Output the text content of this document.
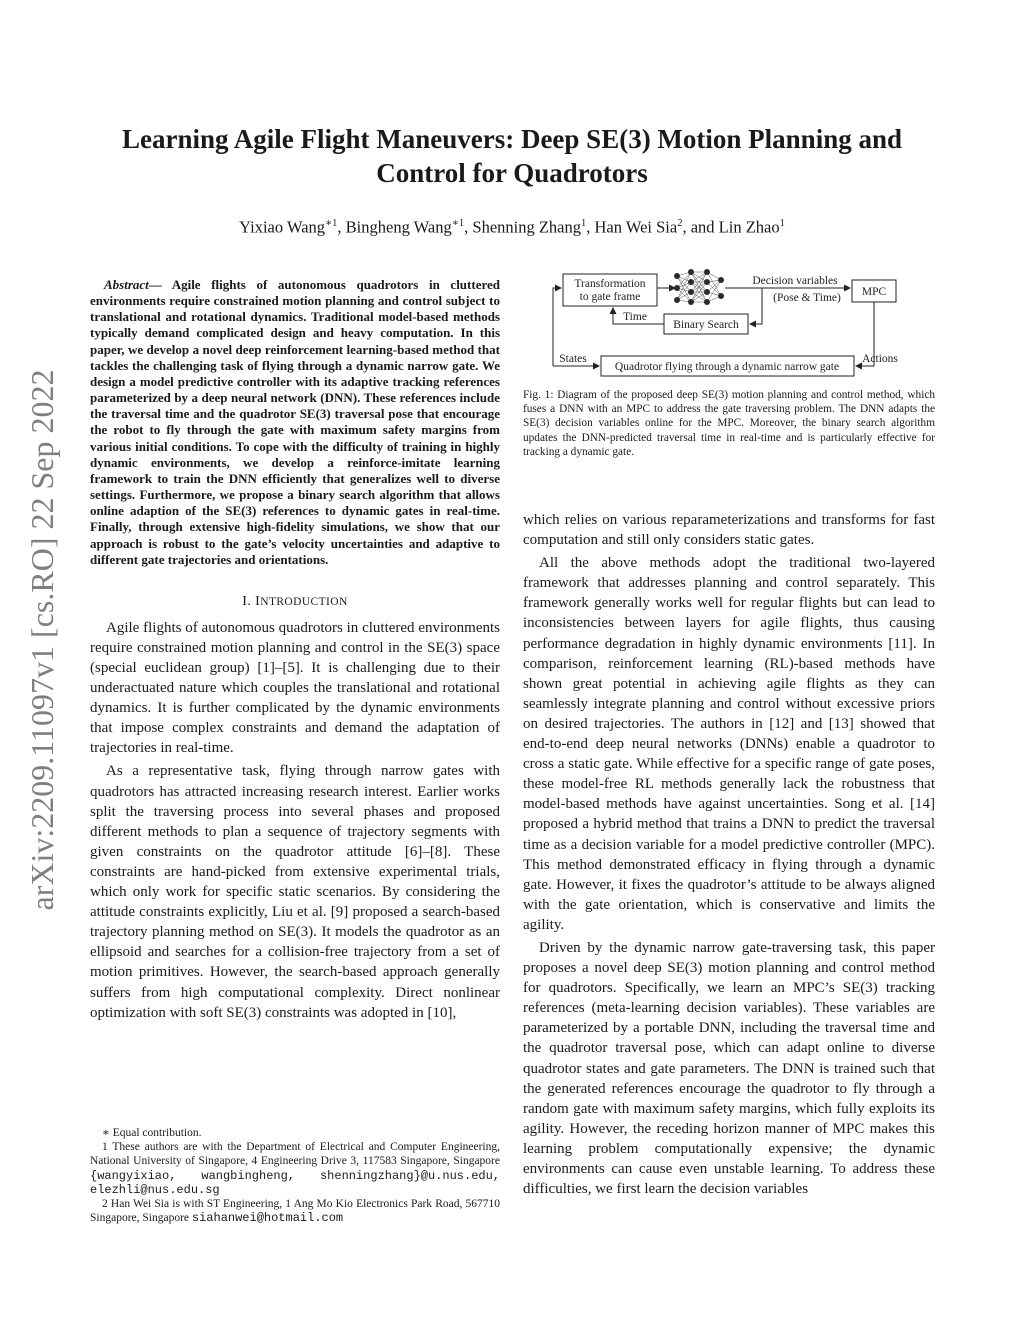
arXiv:2209.11097v1 [cs.RO] 22 Sep 2022
Learning Agile Flight Maneuvers: Deep SE(3) Motion Planning and Control for Quadrotors
Yixiao Wang$^{∗1}$, Bingheng Wang$^{∗1}$, Shenning Zhang$^1$, Han Wei Sia$^2$, and Lin Zhao$^1$

Abstract— Agile flights of autonomous quadrotors in cluttered environments require constrained motion planning and control subject to translational and rotational dynamics. Traditional model-based methods typically demand complicated design and heavy computation. In this paper, we develop a novel deep reinforcement learning-based method that tackles the challenging task of flying through a dynamic narrow gate. We design a model predictive controller with its adaptive tracking references parameterized by a deep neural network (DNN). These references include the traversal time and the quadrotor SE(3) traversal pose that encourage the robot to fly through the gate with maximum safety margins from various initial conditions. To cope with the difficulty of training in highly dynamic environments, we develop a reinforce-imitate learning framework to train the DNN efficiently that generalizes well to diverse settings. Furthermore, we propose a binary search algorithm that allows online adaption of the SE(3) references to dynamic gates in real-time. Finally, through extensive high-fidelity simulations, we show that our approach is robust to the gate’s velocity uncertainties and adaptive to different gate trajectories and orientations.

I. INTRODUCTION

Agile flights of autonomous quadrotors in cluttered environments require constrained motion planning and control in the SE(3) space (special euclidean group) [1]–[5]. It is challenging due to their underactuated nature which couples the translational and rotational dynamics. It is further complicated by the dynamic environments that impose complex constraints and demand the adaptation of trajectories in real-time.

As a representative task, flying through narrow gates with quadrotors has attracted increasing research interest. Earlier works split the traversing process into several phases and proposed different methods to plan a sequence of trajectory segments with given constraints on the quadrotor attitude [6]–[8]. These constraints are hand-picked from extensive experimental trials, which only work for specific static scenarios. By considering the attitude constraints explicitly, Liu et al. [9] proposed a search-based trajectory planning method on SE(3). It models the quadrotor as an ellipsoid and searches for a collision-free trajectory from a set of motion primitives. However, the search-based approach generally suffers from high computational complexity. Direct nonlinear optimization with soft SE(3) constraints was adopted in [10],

∗ Equal contribution.

1 These authors are with the Department of Electrical and Computer Engineering, National University of Singapore, 4 Engineering Drive 3, 117583 Singapore, Singapore {wangyixiao, wangbingheng, shenningzhang}@u.nus.edu, elezhli@nus.edu.sg

2 Han Wei Sia is with ST Engineering, 1 Ang Mo Kio Electronics Park Road, 567710 Singapore, Singapore siahanwei@hotmail.com

Transformation
to gate frame
Time
Binary Search
Decision variables
(Pose & Time) MPC
States
Quadrotor flying through a dynamic narrow gate
Actions
Fig. 1: Diagram of the proposed deep SE(3) motion planning and control method, which fuses a DNN with an MPC to address the gate traversing problem. The DNN adapts the SE(3) decision variables online for the MPC. Moreover, the binary search algorithm updates the DNN-predicted traversal time in real-time and is particularly effective for tracking a dynamic gate.

which relies on various reparameterizations and transforms for fast computation and still only considers static gates.

All the above methods adopt the traditional two-layered framework that addresses planning and control separately. This framework generally works well for regular flights but can lead to inconsistencies between layers for agile flights, thus causing performance degradation in highly dynamic environments [11]. In comparison, reinforcement learning (RL)-based methods have shown great potential in achieving agile flights as they can seamlessly integrate planning and control without excessive priors on desired trajectories. The authors in [12] and [13] showed that end-to-end deep neural networks (DNNs) enable a quadrotor to cross a static gate. While effective for a specific range of gate poses, these model-free RL methods generally lack the robustness that model-based methods have against uncertainties. Song et al. [14] proposed a hybrid method that trains a DNN to predict the traversal time as a decision variable for a model predictive controller (MPC). This method demonstrated efficacy in flying through a dynamic gate. However, it fixes the quadrotor’s attitude to be always aligned with the gate orientation, which is conservative and limits the agility.

Driven by the dynamic narrow gate-traversing task, this paper proposes a novel deep SE(3) motion planning and control method for quadrotors. Specifically, we learn an MPC’s SE(3) tracking references (meta-learning decision variables). These variables are parameterized by a portable DNN, including the traversal time and the quadrotor traversal pose, which can adapt online to diverse quadrotor states and gate parameters. The DNN is trained such that the generated references encourage the quadrotor to fly through a random gate with maximum safety margins, which fully exploits its agility. However, the receding horizon manner of MPC makes this learning problem computationally expensive; the dynamic environments can cause even unstable learning. To address these difficulties, we first learn the decision variables
